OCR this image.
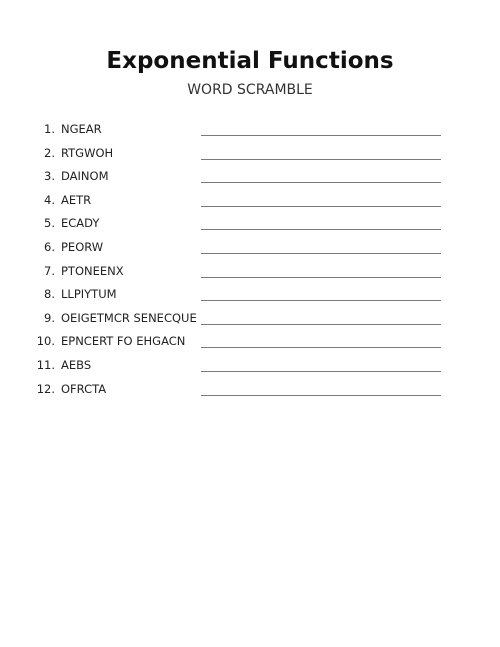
Exponential Functions
WORD SCRAMBLE
1. NGEAR
2. RTGWOH
3. DAINOM
4. AETR
5. ECADY
6. PEORW
7. PTONEENX
8. LLPIYTUM
9. OEIGETMCR SENECQUE
10. EPNCERT FO EHGACN
11. AEBS
12. OFRCTA
